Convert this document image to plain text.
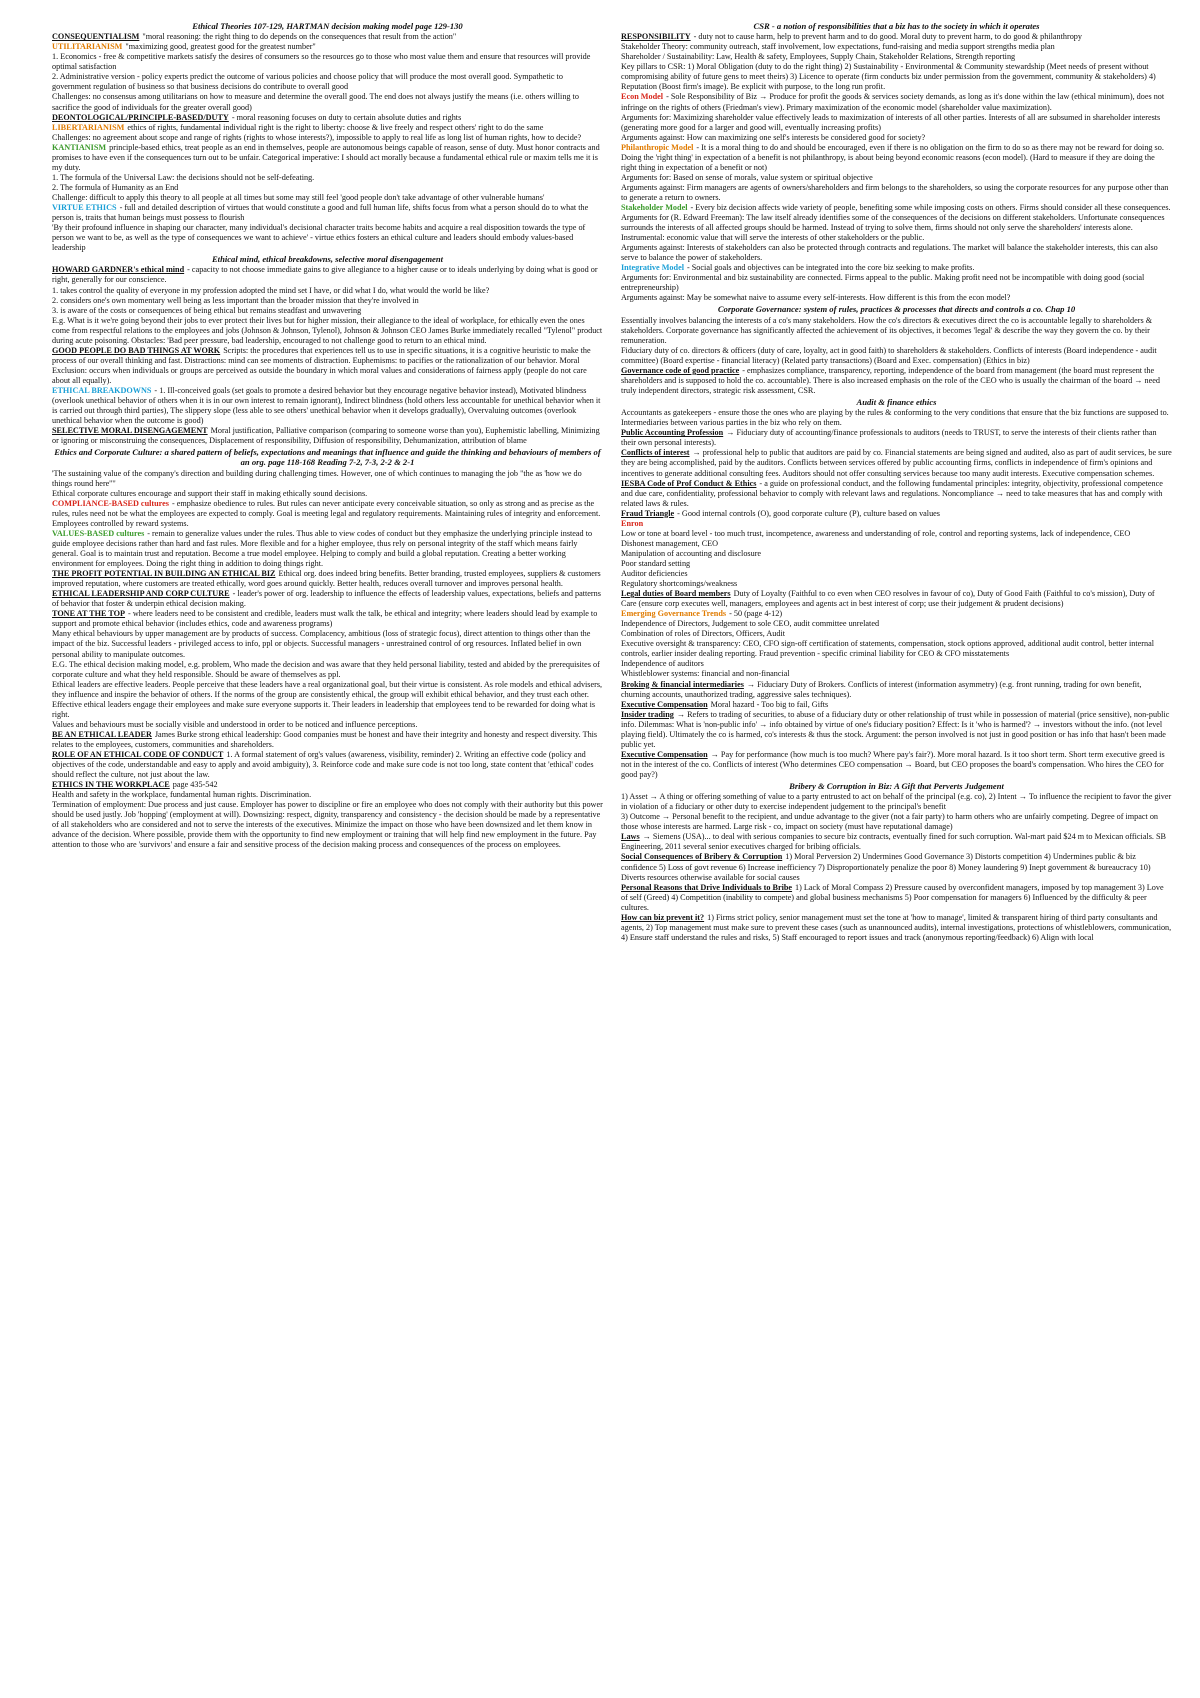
Ethical Theories 107-129, HARTMAN decision making model page 129-130
CONSEQUENTIALISM "moral reasoning: the right thing to do depends on the consequences that result from the action"
UTILITARIANISM "maximizing good, greatest good for the greatest number"
1. Economics - free & competitive markets satisfy the desires of consumers so the resources go to those who most value them and ensure that resources will provide optimal satisfaction
2. Administrative version - policy experts predict the outcome of various policies and choose policy that will produce the most overall good. Sympathetic to government regulation of business so that business decisions do contribute to overall good
Challenges: no consensus among utilitarians on how to measure and determine the overall good. The end does not always justify the means (i.e. others willing to sacrifice the good of individuals for the greater overall good)
DEONTOLOGICAL/PRINCIPLE-BASED/DUTY - moral reasoning focuses on duty to certain absolute duties and rights
LIBERTARIANISM ethics of rights, fundamental individual right is the right to liberty: choose & live freely and respect others' right to do the same
Challenges: no agreement about scope and range of rights (rights to whose interests?), impossible to apply to real life as long list of human rights, how to decide?
KANTIANISM principle-based ethics, treat people as an end in themselves, people are autonomous beings capable of reason, sense of duty. Must honor contracts and promises to have even if the consequences turn out to be unfair. Categorical imperative: I should act morally because a fundamental ethical rule or maxim tells me it is my duty.
1. The formula of the Universal Law: the decisions should not be self-defeating.
2. The formula of Humanity as an End
Challenge: difficult to apply this theory to all people at all times but some may still feel 'good people don't take advantage of other vulnerable humans'
VIRTUE ETHICS - full and detailed description of virtues that would constitute a good and full human life, shifts focus from what a person should do to what the person is, traits that human beings must possess to flourish
'By their profound influence in shaping our character, many individual's decisional character traits become habits and acquire a real disposition towards the type of person we want to be, as well as the type of consequences we want to achieve' - virtue ethics fosters an ethical culture and leaders should embody values-based leadership
Ethical mind, ethical breakdowns, selective moral disengagement
HOWARD GARDNER's ethical mind - capacity to not choose immediate gains to give allegiance to a higher cause or to ideals underlying by doing what is good or right, generally for our conscience.
1. takes control the quality of everyone in my profession adopted the mind set I have, or did what I do, what would the world be like?
2. considers one's own momentary well being as less important than the broader mission that they're involved in
3. is aware of the costs or consequences of being ethical but remains steadfast and unwavering
E.g. What is it we're going beyond their jobs to ever protect their lives but for higher mission, their allegiance to the ideal of workplace, for ethically even the ones come from respectful relations to the employees and jobs (Johnson & Johnson, Tylenol), Johnson & Johnson CEO James Burke immediately recalled "Tylenol" product during acute poisoning. Obstacles: 'Bad peer pressure, bad leadership, encouraged to not challenge good to return to an ethical mind.
GOOD PEOPLE DO BAD THINGS AT WORK Scripts: the procedures that experiences tell us to use in specific situations, it is a cognitive heuristic to make the process of our overall thinking and fast. Distractions: mind can see moments of distraction. Euphemisms: to pacifies or the rationalization of our behavior. Moral Exclusion: occurs when individuals or groups are perceived as outside the boundary in which moral values and considerations of fairness apply (people do not care about all equally).
ETHICAL BREAKDOWNS - 1. Ill-conceived goals (set goals to promote a desired behavior but they encourage negative behavior instead), Motivated blindness (overlook unethical behavior of others when it is in our own interest to remain ignorant), Indirect blindness (hold others less accountable for unethical behavior when it is carried out through third parties), The slippery slope (less able to see others' unethical behavior when it develops gradually), Overvaluing outcomes (overlook unethical behavior when the outcome is good)
SELECTIVE MORAL DISENGAGEMENT Moral justification, Palliative comparison (comparing to someone worse than you), Euphemistic labelling, Minimizing or ignoring or misconstruing the consequences, Displacement of responsibility, Diffusion of responsibility, Dehumanization, attribution of blame
Ethics and Corporate Culture: a shared pattern of beliefs, expectations and meanings that influence and guide the thinking and behaviours of members of an org. page 118-168 Reading 7-2, 7-3, 2-2 & 2-1
'The sustaining value of the company's direction and building during challenging times. However, one of which continues to managing the job "the as 'how we do things round here'"'
Ethical corporate cultures encourage and support their staff in making ethically sound decisions.
COMPLIANCE-BASED cultures - emphasize obedience to rules. But rules can never anticipate every conceivable situation, so only as strong and as precise as the rules, rules need not be what the employees are expected to comply. Goal is meeting legal and regulatory requirements. Maintaining rules of integrity and enforcement. Employees controlled by reward systems.
VALUES-BASED cultures - remain to generalize values under the rules. Thus able to view codes of conduct but they emphasize the underlying principle instead to guide employee decisions rather than hard and fast rules. More flexible and for a higher employee, thus rely on personal integrity of the staff which means fairly general. Goal is to maintain trust and reputation. Become a true model employee. Helping to comply and build a global reputation. Creating a better working environment for employees. Doing the right thing in addition to doing things right.
THE PROFIT POTENTIAL IN BUILDING AN ETHICAL BIZ Ethical org. does indeed bring benefits. Better branding, trusted employees, suppliers & customers improved reputation, where customers are treated ethically, word goes around quickly. Better health, reduces overall turnover and improves personal health.
ETHICAL LEADERSHIP AND CORP CULTURE - leader's power of org. leadership to influence the effects of leadership values, expectations, beliefs and patterns of behavior that foster & underpin ethical decision making.
TONE AT THE TOP - where leaders need to be consistent and credible, leaders must walk the talk, be ethical and integrity; where leaders should lead by example to support and promote ethical behavior (includes ethics, code and awareness programs)
Many ethical behaviours by upper management are by products of success. Complacency, ambitious (loss of strategic focus), direct attention to things other than the impact of the biz. Successful leaders - privileged access to info, ppl or objects. Successful managers - unrestrained control of org resources. Inflated belief in own personal ability to manipulate outcomes.
E.G. The ethical decision making model, e.g. problem, Who made the decision and was aware that they held personal liability, tested and abided by the prerequisites of corporate culture and what they held responsible. Should be aware of themselves as ppl.
Ethical leaders are effective leaders. People perceive that these leaders have a real organizational goal, but their virtue is consistent. As role models and ethical advisers, they influence and inspire the behavior of others. If the norms of the group are consistently ethical, the group will exhibit ethical behavior, and they trust each other. Effective ethical leaders engage their employees and make sure everyone supports it. Their leaders in leadership that employees tend to be rewarded for doing what is right.
Values and behaviours must be socially visible and understood in order to be noticed and influence perceptions.
BE AN ETHICAL LEADER James Burke strong ethical leadership: Good companies must be honest and have their integrity and honesty and respect diversity. This relates to the employees, customers, communities and shareholders.
ROLE OF AN ETHICAL CODE OF CONDUCT 1. A formal statement of org's values (awareness, visibility, reminder) 2. Writing an effective code (policy and objectives of the code, understandable and easy to apply and avoid ambiguity), 3. Reinforce code and make sure code is not too long, state content that 'ethical' codes should reflect the culture, not just about the law.
ETHICS IN THE WORKPLACE page 435-542
Health and safety in the workplace, fundamental human rights. Discrimination.
Termination of employment: Due process and just cause. Employer has power to discipline or fire an employee who does not comply with their authority but this power should be used justly. Job 'hopping' (employment at will). Downsizing: respect, dignity, transparency and consistency - the decision should be made by a representative of all stakeholders who are considered and not to serve the interests of the executives. Minimize the impact on those who have been downsized and let them know in advance of the decision. Where possible, provide them with the opportunity to find new employment or training that will help find new employment in the future. Pay attention to those who are 'survivors' and ensure a fair and sensitive process of the decision making process and consequences of the process on employees.
CSR - a notion of responsibilities that a biz has to the society in which it operates
RESPONSIBILITY - duty not to cause harm, help to prevent harm and to do good. Moral duty to prevent harm, to do good & philanthropy
Stakeholder Theory: community outreach, staff involvement, low expectations, fund-raising and media support strengths media plan
Shareholder / Sustainability: Law, Health & safety, Employees, Supply Chain, Stakeholder Relations, Strength reporting
Key pillars to CSR: 1) Moral Obligation (duty to do the right thing) 2) Sustainability - Environmental & Community stewardship (Meet needs of present without compromising ability of future gens to meet theirs) 3) Licence to operate (firm conducts biz under permission from the government, community & stakeholders) 4) Reputation (Boost firm's image). Be explicit with purpose, to the long run profit.
Econ Model - Sole Responsibility of Biz → Produce for profit the goods & services society demands, as long as it's done within the law (ethical minimum), does not infringe on the rights of others (Friedman's view). Primary maximization of the economic model (shareholder value maximization).
Arguments for: Maximizing shareholder value effectively leads to maximization of interests of all other parties. Interests of all are subsumed in shareholder interests (generating more good for a larger and good will, eventually increasing profits)
Arguments against: How can maximizing one self's interests be considered good for society?
Philanthropic Model - It is a moral thing to do and should be encouraged, even if there is no obligation on the firm to do so as there may not be reward for doing so. Doing the 'right thing' in expectation of a benefit is not philanthropy, is about being beyond economic reasons (econ model). (Hard to measure if they are doing the right thing in expectation of a benefit or not)
Arguments for: Based on sense of morals, value system or spiritual objective
Arguments against: Firm managers are agents of owners/shareholders and firm belongs to the shareholders, so using the corporate resources for any purpose other than to generate a return to owners.
Stakeholder Model - Every biz decision affects wide variety of people, benefiting some while imposing costs on others. Firms should consider all these consequences.
Arguments for (R. Edward Freeman): The law itself already identifies some of the consequences of the decisions on different stakeholders. Unfortunate consequences surrounds the interests of all affected groups should be harmed. Instead of trying to solve them, firms should not only serve the shareholders' interests alone. Instrumental: economic value that will serve the interests of other stakeholders or the public.
Arguments against: Interests of stakeholders can also be protected through contracts and regulations. The market will balance the stakeholder interests, this can also serve to balance the power of stakeholders.
Integrative Model - Social goals and objectives can be integrated into the core biz seeking to make profits.
Arguments for: Environmental and biz sustainability are connected. Firms appeal to the public. Making profit need not be incompatible with doing good (social entrepreneurship)
Arguments against: May be somewhat naive to assume every self-interests. How different is this from the econ model?
Corporate Governance: system of rules, practices & processes that directs and controls a co. Chap 10
Essentially involves balancing the interests of a co's many stakeholders. How the co's directors & executives direct the co is accountable legally to shareholders & stakeholders. Corporate governance has significantly affected the achievement of its objectives, it becomes 'legal' & describe the way they govern the co. by their remuneration.
Fiduciary duty of co. directors & officers (duty of care, loyalty, act in good faith) to shareholders & stakeholders. Conflicts of interests (Board independence - audit committee) (Board expertise - financial literacy) (Related party transactions) (Board and Exec. compensation) (Ethics in biz)
Governance code of good practice - emphasizes compliance, transparency, reporting, independence of the board from management (the board must represent the shareholders and is supposed to hold the co. accountable). There is also increased emphasis on the role of the CEO who is usually the chairman of the board → need truly independent directors, strategic risk assessment, CSR.
Audit & finance ethics
Accountants as gatekeepers - ensure those the ones who are playing by the rules & conforming to the very conditions that ensure that the biz functions are supposed to. Intermediaries between various parties in the biz who rely on them.
Public Accounting Profession → Fiduciary duty of accounting/finance professionals to auditors (needs to TRUST, to serve the interests of their clients rather than their own personal interests).
Conflicts of interest → professional help to public that auditors are paid by co. Financial statements are being signed and audited, also as part of audit services, be sure they are being accomplished, paid by the auditors. Conflicts between services offered by public accounting firms, conflicts in independence of firm's opinions and incentives to generate additional consulting fees. Auditors should not offer consulting services because too many audit interests. Executive compensation schemes.
IESBA Code of Prof Conduct & Ethics - a guide on professional conduct, and the following fundamental principles: integrity, objectivity, professional competence and due care, confidentiality, professional behavior to comply with relevant laws and regulations. Noncompliance → need to take measures that has and comply with related laws & rules.
Fraud Triangle - Good internal controls (O), good corporate culture (P), culture based on values
Enron
Low or tone at board level - too much trust, incompetence, awareness and understanding of role, control and reporting systems, lack of independence, CEO
Dishonest management, CEO
Manipulation of accounting and disclosure
Poor standard setting
Auditor deficiencies
Regulatory shortcomings/weakness
Legal duties of Board members Duty of Loyalty (Faithful to co even when CEO resolves in favour of co), Duty of Good Faith (Faithful to co's mission), Duty of Care (ensure corp executes well, managers, employees and agents act in best interest of corp; use their judgement & prudent decisions)
Emerging Governance Trends - 50 (page 4-12)
Independence of Directors, Judgement to sole CEO, audit committee unrelated
Combination of roles of Directors, Officers, Audit
Executive oversight & transparency: CEO, CFO sign-off certification of statements, compensation, stock options approved, additional audit control, better internal controls, earlier insider dealing reporting. Fraud prevention - specific criminal liability for CEO & CFO misstatements
Independence of auditors
Whistleblower systems: financial and non-financial
Broking & financial intermediaries → Fiduciary Duty of Brokers. Conflicts of interest (information asymmetry) (e.g. front running, trading for own benefit, churning accounts, unauthorized trading, aggressive sales techniques).
Executive Compensation Moral hazard - Too big to fail, Gifts
Insider trading → Refers to trading of securities, to abuse of a fiduciary duty or other relationship of trust while in possession of material (price sensitive), non-public info. Dilemmas: What is 'non-public info' → info obtained by virtue of one's fiduciary position? Effect: Is it 'who is harmed'? → investors without the info. (not level playing field). Ultimately the co is harmed, co's interests & thus the stock. Argument: the person involved is not just in good position or has info that hasn't been made public yet.
Executive Compensation → Pay for performance (how much is too much? Where pay's fair?). More moral hazard. Is it too short term. Short term executive greed is not in the interest of the co. Conflicts of interest (Who determines CEO compensation → Board, but CEO proposes the board's compensation. Who hires the CEO for good pay?)
Bribery & Corruption in Biz: A Gift that Perverts Judgement
1) Asset → A thing or offering something of value to a party entrusted to act on behalf of the principal (e.g. co), 2) Intent → To influence the recipient to favor the giver in violation of a fiduciary or other duty to exercise independent judgement to the principal's benefit
3) Outcome → Personal benefit to the recipient, and undue advantage to the giver (not a fair party) to harm others who are unfairly competing. Degree of impact on those whose interests are harmed. Large risk - co, impact on society (must have reputational damage)
Laws → Siemens (USA)... to deal with serious companies to secure biz contracts, eventually fined for such corruption. Wal-mart paid $24 m to Mexican officials. SB Engineering, 2011 several senior executives charged for bribing officials.
Social Consequences of Bribery & Corruption 1) Moral Perversion 2) Undermines Good Governance 3) Distorts competition 4) Undermines public & biz confidence 5) Loss of govt revenue 6) Increase inefficiency 7) Disproportionately penalize the poor 8) Money laundering 9) Inept government & bureaucracy 10) Diverts resources otherwise available for social causes
Personal Reasons that Drive Individuals to Bribe 1) Lack of Moral Compass 2) Pressure caused by overconfident managers, imposed by top management 3) Love of self (Greed) 4) Competition (inability to compete) and global business mechanisms 5) Poor compensation for managers 6) Influenced by the difficulty & peer cultures.
How can biz prevent it? 1) Firms strict policy, senior management must set the tone at 'how to manage', limited & transparent hiring of third party consultants and agents, 2) Top management must make sure to prevent these cases (such as unannounced audits), internal investigations, protections of whistleblowers, communication, 4) Ensure staff understand the rules and risks, 5) Staff encouraged to report issues and track (anonymous reporting/feedback) 6) Align with local
